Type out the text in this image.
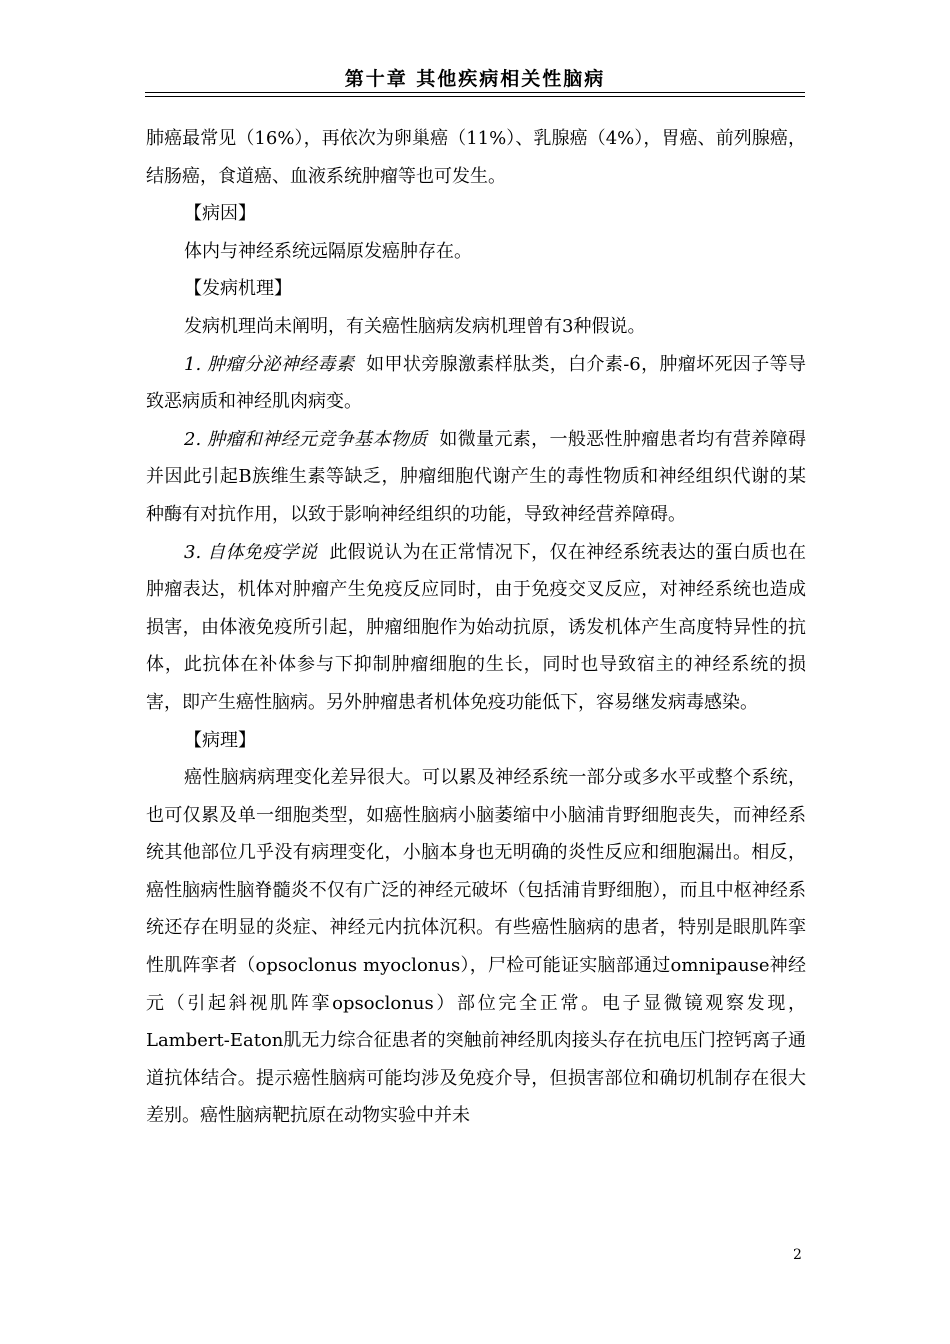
第十章 其他疾病相关性脑病

肺癌最常见（16%），再依次为卵巢癌（11%）、乳腺癌（4%），胃癌、前列腺癌，结肠癌，食道癌、血液系统肿瘤等也可发生。

【病因】

体内与神经系统远隔原发癌肿存在。

【发病机理】

发病机理尚未阐明，有关癌性脑病发病机理曾有3种假说。

1. 肿瘤分泌神经毒素 如甲状旁腺激素样肽类，白介素-6，肿瘤坏死因子等导致恶病质和神经肌肉病变。

2. 肿瘤和神经元竞争基本物质 如微量元素，一般恶性肿瘤患者均有营养障碍并因此引起B族维生素等缺乏，肿瘤细胞代谢产生的毒性物质和神经组织代谢的某种酶有对抗作用，以致于影响神经组织的功能，导致神经营养障碍。

3. 自体免疫学说 此假说认为在正常情况下，仅在神经系统表达的蛋白质也在肿瘤表达，机体对肿瘤产生免疫反应同时，由于免疫交叉反应，对神经系统也造成损害，由体液免疫所引起，肿瘤细胞作为始动抗原，诱发机体产生高度特异性的抗体，此抗体在补体参与下抑制肿瘤细胞的生长，同时也导致宿主的神经系统的损害，即产生癌性脑病。另外肿瘤患者机体免疫功能低下，容易继发病毒感染。

【病理】

癌性脑病病理变化差异很大。可以累及神经系统一部分或多水平或整个系统，也可仅累及单一细胞类型，如癌性脑病小脑萎缩中小脑浦肯野细胞丧失，而神经系统其他部位几乎没有病理变化，小脑本身也无明确的炎性反应和细胞漏出。相反，癌性脑病性脑脊髓炎不仅有广泛的神经元破坏（包括浦肯野细胞），而且中枢神经系统还存在明显的炎症、神经元内抗体沉积。有些癌性脑病的患者，特别是眼肌阵挛性肌阵挛者（opsoclonus myoclonus），尸检可能证实脑部通过omnipause神经元（引起斜视肌阵挛opsoclonus）部位完全正常。电子显微镜观察发现，Lambert-Eaton肌无力综合征患者的突触前神经肌肉接头存在抗电压门控钙离子通道抗体结合。提示癌性脑病可能均涉及免疫介导，但损害部位和确切机制存在很大差别。癌性脑病靶抗原在动物实验中并未

2
